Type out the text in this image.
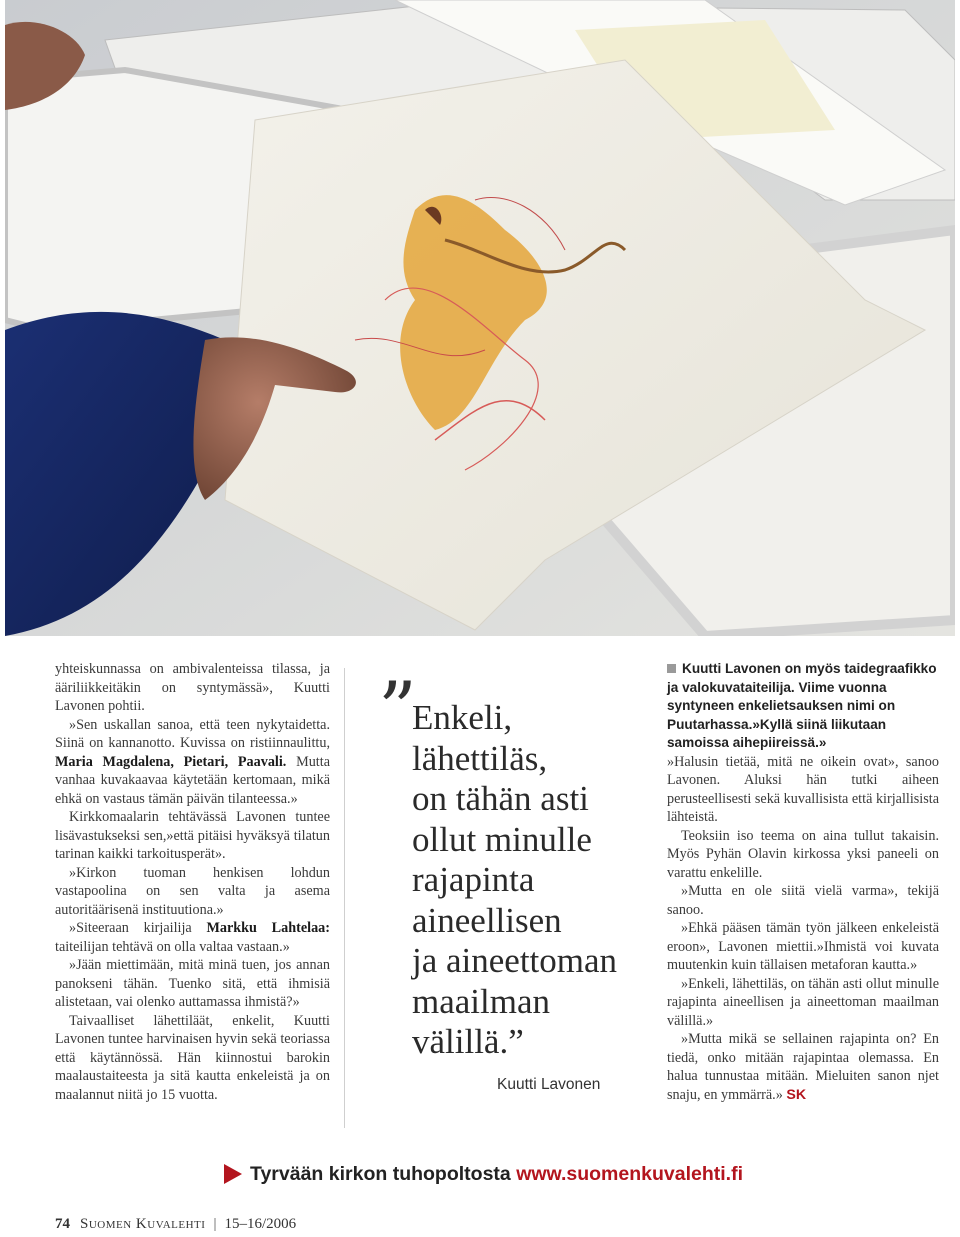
yhteiskunnassa on ambivalenteissa tilassa, ja ääriliikkeitäkin on syntymässä», Kuutti Lavonen pohtii.

»Sen uskallan sanoa, että teen nykytaidetta. Siinä on kannanotto. Kuvissa on ristiinnaulittu, Maria Magdalena, Pietari, Paavali. Mutta vanhaa kuvakaavaa käytetään kertomaan, mikä ehkä on vastaus tämän päivän tilanteessa.»

Kirkkomaalarin tehtävässä Lavonen tuntee lisävastukseksi sen,»että pitäisi hyväksyä tilatun tarinan kaikki tarkoitusperät».

»Kirkon tuoman henkisen lohdun vastapoolina on sen valta ja asema autoritäärisenä instituutiona.»

»Siteeraan kirjailija Markku Lahtelaa: taiteilijan tehtävä on olla valtaa vastaan.»

»Jään miettimään, mitä minä tuen, jos annan panokseni tähän. Tuenko sitä, että ihmisiä alistetaan, vai olenko auttamassa ihmistä?»

Taivaalliset lähettiläät, enkelit, Kuutti Lavonen tuntee harvinaisen hyvin sekä teoriassa että käytännössä. Hän kiinnostui barokin maalaustaiteesta ja sitä kautta enkeleistä ja on maalannut niitä jo 15 vuotta.

”
Enkeli,
lähettiläs,
on tähän asti
ollut minulle
rajapinta
aineellisen
ja aineettoman
maailman
välillä.”
Kuutti Lavonen

Kuutti Lavonen on myös taidegraafikko ja valokuvataiteilija. Viime vuonna syntyneen enkelietsauksen nimi on Puutarhassa.»Kyllä siinä liikutaan samoissa aihepiireissä.»

»Halusin tietää, mitä ne oikein ovat», sanoo Lavonen. Aluksi hän tutki aiheen perusteellisesti sekä kuvallisista että kirjallisista lähteistä.

Teoksiin iso teema on aina tullut takaisin. Myös Pyhän Olavin kirkossa yksi paneeli on varattu enkelille.

»Mutta en ole siitä vielä varma», tekijä sanoo.

»Ehkä pääsen tämän työn jälkeen enkeleistä eroon», Lavonen miettii.»Ihmistä voi kuvata muutenkin kuin tällaisen metaforan kautta.»

»Enkeli, lähettiläs, on tähän asti ollut minulle rajapinta aineellisen ja aineettoman maailman välillä.»

»Mutta mikä se sellainen rajapinta on? En tiedä, onko mitään rajapintaa olemassa. En halua tunnustaa mitään. Mieluiten sanon njet snaju, en ymmärrä.» SK

Tyrvään kirkon tuhopoltosta www.suomenkuvalehti.fi
74 Suomen Kuvalehti | 15–16/2006
